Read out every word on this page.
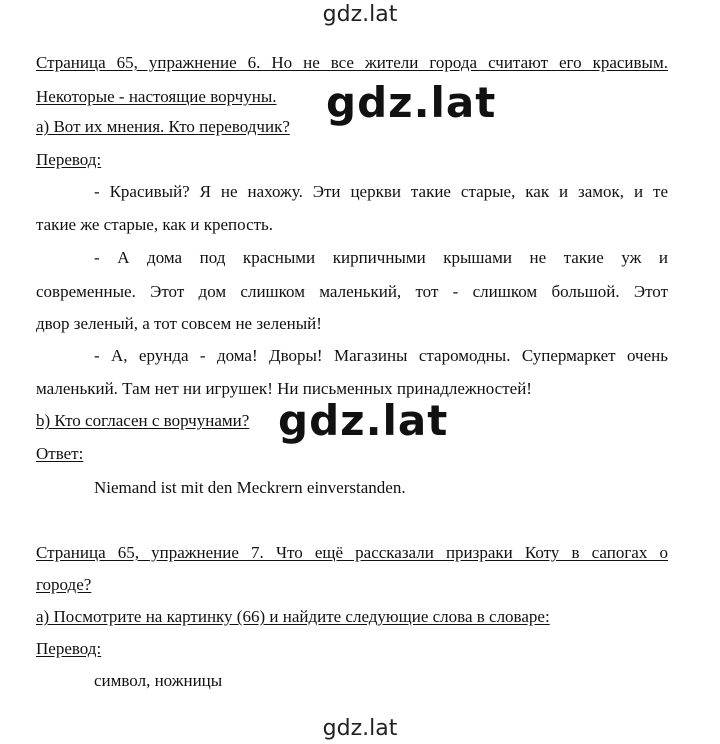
gdz.lat
Страница 65, упражнение 6. Но не все жители города считают его красивым.
Некоторые - настоящие ворчуны.
а) Вот их мнения. Кто переводчик?
Перевод:
- Красивый? Я не нахожу. Эти церкви такие старые, как и замок, и те
такие же старые, как и крепость.
- А дома под красными кирпичными крышами не такие уж и
современные. Этот дом слишком маленький, тот - слишком большой. Этот
двор зеленый, а тот совсем не зеленый!
- А, ерунда - дома! Дворы! Магазины старомодны. Супермаркет очень
маленький. Там нет ни игрушек! Ни письменных принадлежностей!
b) Кто согласен с ворчунами?
Ответ:
Niemand ist mit den Meckrern einverstanden.
Страница 65, упражнение 7. Что ещё рассказали призраки Коту в сапогах о
городе?
а) Посмотрите на картинку (66) и найдите следующие слова в словаре:
Перевод:
символ, ножницы
gdz.lat
gdz.lat
gdz.lat
